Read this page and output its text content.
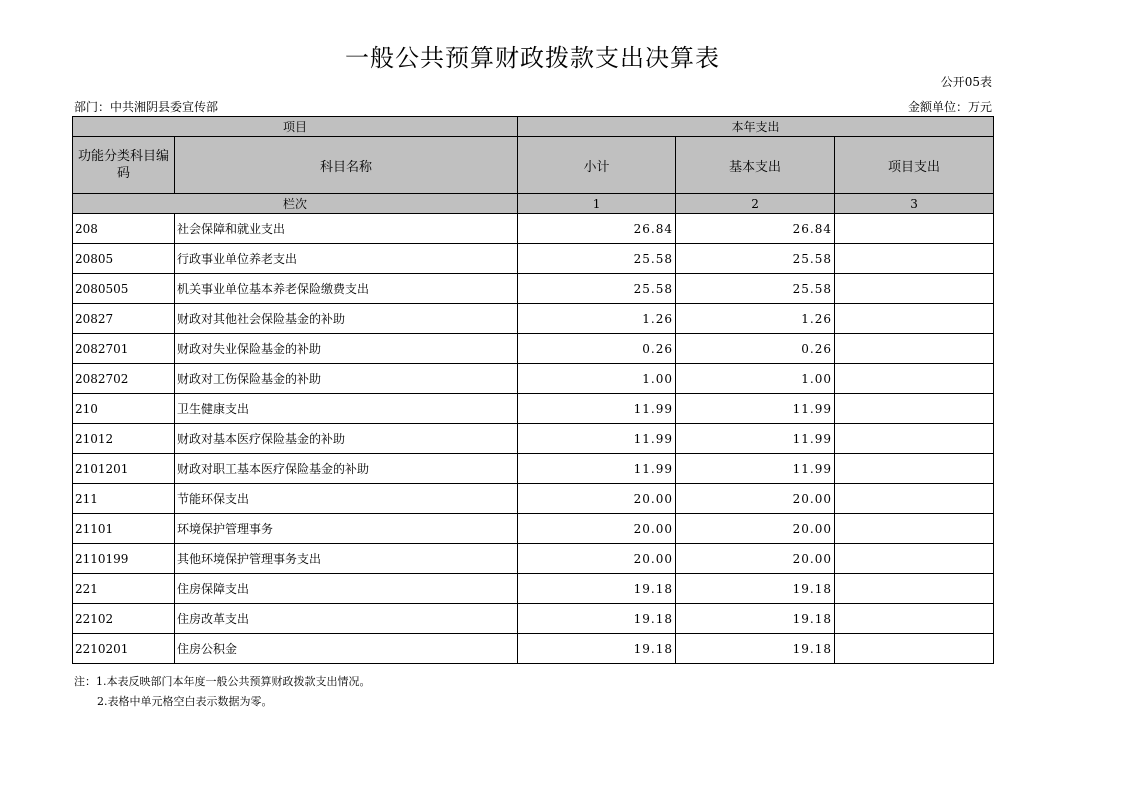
一般公共预算财政拨款支出决算表
公开05表
部门：中共湘阴县委宣传部	金额单位：万元
项目		本年支出		
功能分类科目编码	科目名称	小计	基本支出	项目支出
栏次		1	2	3
208	社会保障和就业支出	26.84	26.84	
20805	行政事业单位养老支出	25.58	25.58	
2080505	机关事业单位基本养老保险缴费支出	25.58	25.58	
20827	财政对其他社会保险基金的补助	1.26	1.26	
2082701	财政对失业保险基金的补助	0.26	0.26	
2082702	财政对工伤保险基金的补助	1.00	1.00	
210	卫生健康支出	11.99	11.99	
21012	财政对基本医疗保险基金的补助	11.99	11.99	
2101201	财政对职工基本医疗保险基金的补助	11.99	11.99	
211	节能环保支出	20.00	20.00	
21101	环境保护管理事务	20.00	20.00	
2110199	其他环境保护管理事务支出	20.00	20.00	
221	住房保障支出	19.18	19.18	
22102	住房改革支出	19.18	19.18	
2210201	住房公积金	19.18	19.18	
注：1.本表反映部门本年度一般公共预算财政拨款支出情况。
2.表格中单元格空白表示数据为零。
